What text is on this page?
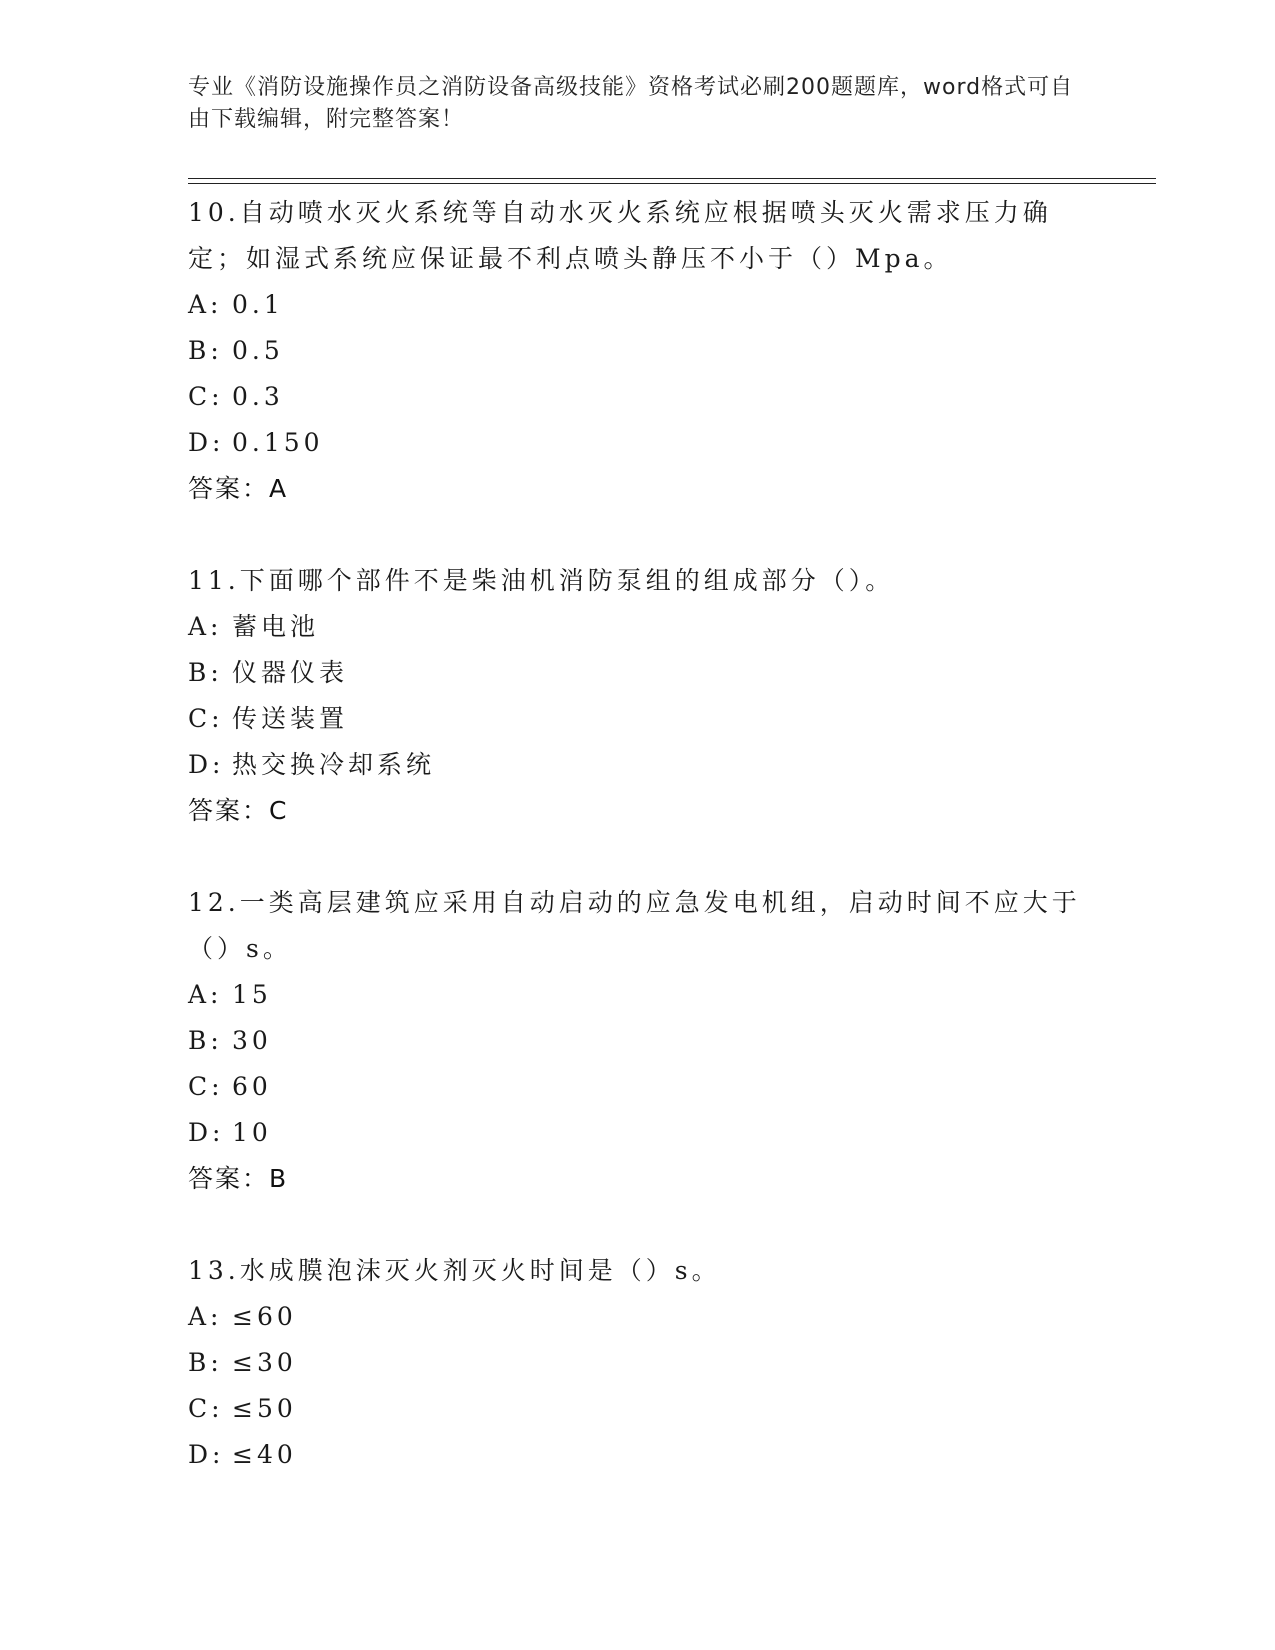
专业《消防设施操作员之消防设备高级技能》资格考试必刷200题题库，word格式可自由下载编辑，附完整答案！

10.自动喷水灭火系统等自动水灭火系统应根据喷头灭火需求压力确定；如湿式系统应保证最不利点喷头静压不小于（）Mpa。

A: 0.1

B: 0.5

C: 0.3

D: 0.150

答案：A

11.下面哪个部件不是柴油机消防泵组的组成部分（）。

A: 蓄电池

B: 仪器仪表

C: 传送装置

D: 热交换冷却系统

答案：C

12.一类高层建筑应采用自动启动的应急发电机组，启动时间不应大于（）s。

A: 15

B: 30

C: 60

D: 10

答案：B

13.水成膜泡沫灭火剂灭火时间是（）s。

A: ≤60

B: ≤30

C: ≤50

D: ≤40
